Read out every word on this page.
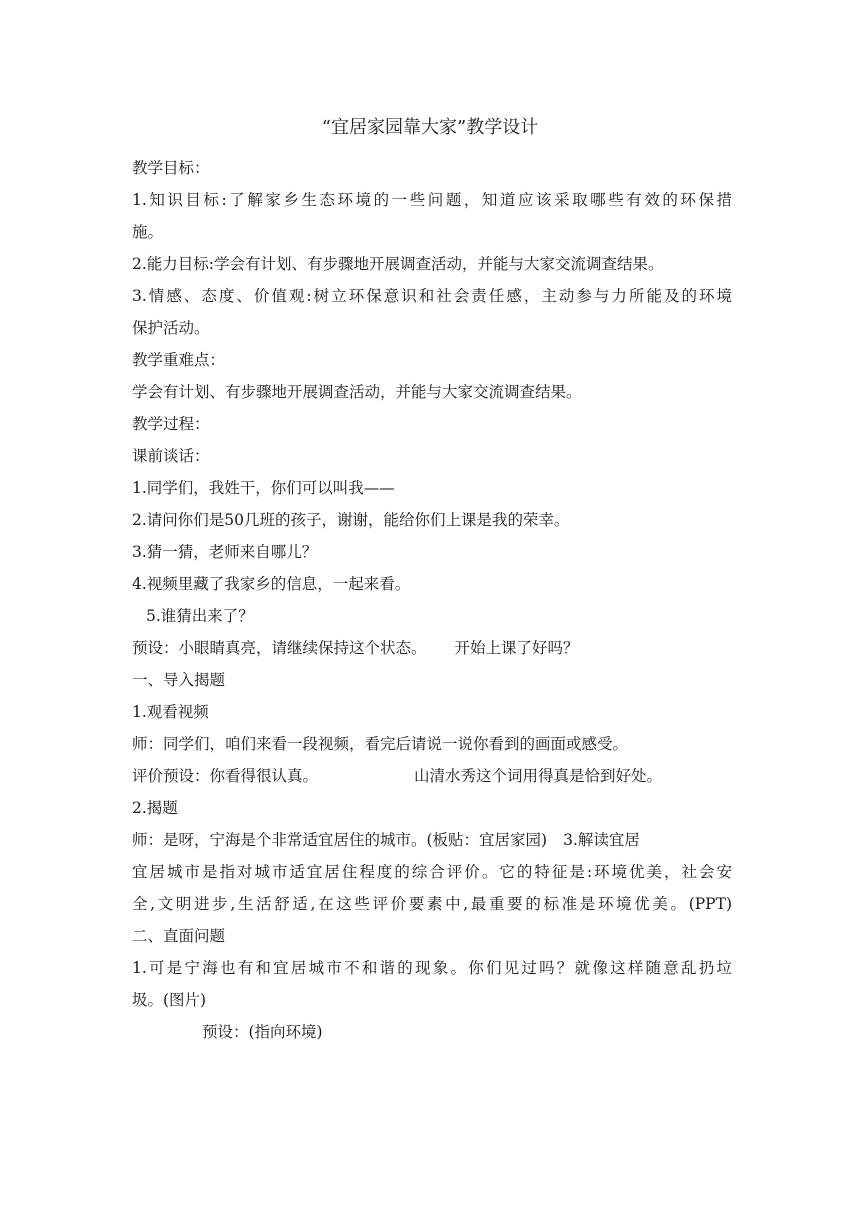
“宜居家园靠大家”教学设计
教学目标：
1.知识目标:了解家乡生态环境的一些问题，知道应该采取哪些有效的环保措
施。
2.能力目标:学会有计划、有步骤地开展调查活动，并能与大家交流调查结果。
3.情感、态度、价值观:树立环保意识和社会责任感，主动参与力所能及的环境
保护活动。
教学重难点：
学会有计划、有步骤地开展调查活动，并能与大家交流调查结果。
教学过程：
课前谈话：
1.同学们，我姓干，你们可以叫我——
2.请问你们是50几班的孩子，谢谢，能给你们上课是我的荣幸。
3.猜一猜，老师来自哪儿？
4.视频里藏了我家乡的信息，一起来看。
5.谁猜出来了？
预设：小眼睛真亮，请继续保持这个状态。 开始上课了好吗？
一、导入揭题
1.观看视频
师：同学们，咱们来看一段视频，看完后请说一说你看到的画面或感受。
评价预设：你看得很认真。	山清水秀这个词用得真是恰到好处。
2.揭题
师：是呀，宁海是个非常适宜居住的城市。(板贴：宜居家园) 3.解读宜居
宜居城市是指对城市适宜居住程度的综合评价。它的特征是:环境优美，社会安
全,文明进步,生活舒适,在这些评价要素中,最重要的标准是环境优美。(PPT)
二、直面问题
1.可是宁海也有和宜居城市不和谐的现象。你们见过吗？就像这样随意乱扔垃
圾。(图片)
预设：(指向环境)
